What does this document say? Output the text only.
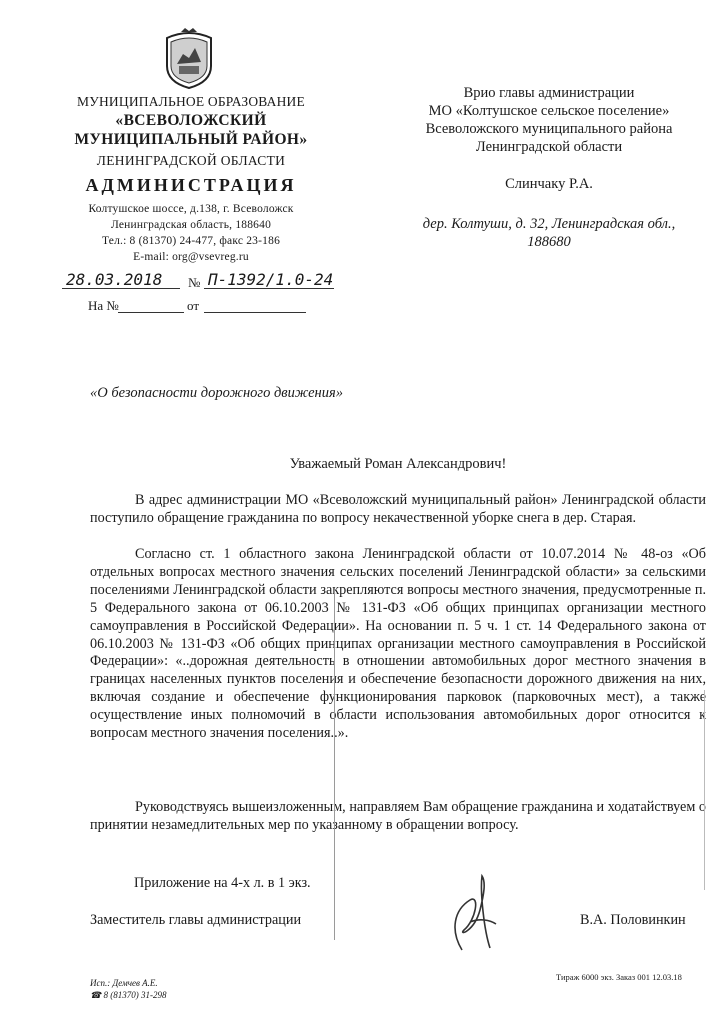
МУНИЦИПАЛЬНОЕ ОБРАЗОВАНИЕ
«ВСЕВОЛОЖСКИЙ
МУНИЦИПАЛЬНЫЙ РАЙОН»
ЛЕНИНГРАДСКОЙ ОБЛАСТИ
АДМИНИСТРАЦИЯ
Колтушское шоссе, д.138, г. Всеволожск
Ленинградская область, 188640
Тел.: 8 (81370) 24-477, факс 23-186
E-mail: org@vsevreg.ru
28.03.2018 № П-1392/1.0-24
На №	от
Врио главы администрации
МО «Колтушское сельское поселение»
Всеволожского муниципального района
Ленинградской области
Слинчаку Р.А.
дер. Колтуши, д. 32, Ленинградская обл.,
188680
«О безопасности дорожного движения»
Уважаемый Роман Александрович!
В адрес администрации МО «Всеволожский муниципальный район» Ленинградской области поступило обращение гражданина по вопросу некачественной уборке снега в дер. Старая.
Согласно ст. 1 областного закона Ленинградской области от 10.07.2014 № 48-оз «Об отдельных вопросах местного значения сельских поселений Ленинградской области» за сельскими поселениями Ленинградской области закрепляются вопросы местного значения, предусмотренные п. 5 Федерального закона от 06.10.2003 № 131-ФЗ «Об общих принципах организации местного самоуправления в Российской Федерации». На основании п. 5 ч. 1 ст. 14 Федерального закона от 06.10.2003 № 131-ФЗ «Об общих принципах организации местного самоуправления в Российской Федерации»: «..дорожная деятельность в отношении автомобильных дорог местного значения в границах населенных пунктов поселения и обеспечение безопасности дорожного движения на них, включая создание и обеспечение функционирования парковок (парковочных мест), а также осуществление иных полномочий в области использования автомобильных дорог относится к вопросам местного значения поселения..».
Руководствуясь вышеизложенным, направляем Вам обращение гражданина и ходатайствуем о принятии незамедлительных мер по указанному в обращении вопросу.
Приложение на 4-х л. в 1 экз.
Заместитель главы администрации	В.А. Половинкин
Исп.: Демчев А.Е.
☎ 8 (81370) 31-298
Тираж 6000 экз. Заказ 001 12.03.18
